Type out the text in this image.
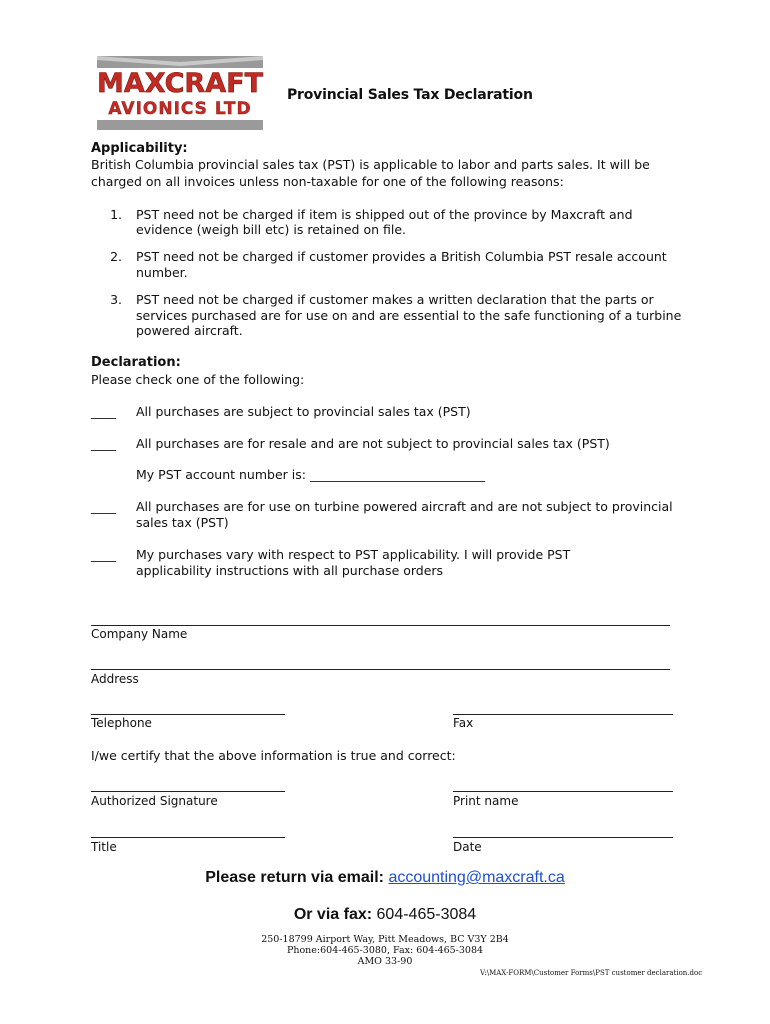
MAXCRAFT
AVIONICS LTD
Provincial Sales Tax Declaration
Applicability:
British Columbia provincial sales tax (PST) is applicable to labor and parts sales. It will be
charged on all invoices unless non-taxable for one of the following reasons:
1. PST need not be charged if item is shipped out of the province by Maxcraft and
evidence (weigh bill etc) is retained on file.
2. PST need not be charged if customer provides a British Columbia PST resale account
number.
3. PST need not be charged if customer makes a written declaration that the parts or
services purchased are for use on and are essential to the safe functioning of a turbine
powered aircraft.
Declaration:
Please check one of the following:
____ All purchases are subject to provincial sales tax (PST)
____ All purchases are for resale and are not subject to provincial sales tax (PST)
My PST account number is: ____________________________
____ All purchases are for use on turbine powered aircraft and are not subject to provincial
sales tax (PST)
____ My purchases vary with respect to PST applicability. I will provide PST
applicability instructions with all purchase orders
Company Name
Address
Telephone	Fax
I/we certify that the above information is true and correct:
Authorized Signature	Print name
Title	Date
Please return via email: accounting@maxcraft.ca
Or via fax: 604-465-3084
250-18799 Airport Way, Pitt Meadows, BC V3Y 2B4
Phone:604-465-3080, Fax: 604-465-3084
AMO 33-90
V:\MAX-FORM\Customer Forms\PST customer declaration.doc
